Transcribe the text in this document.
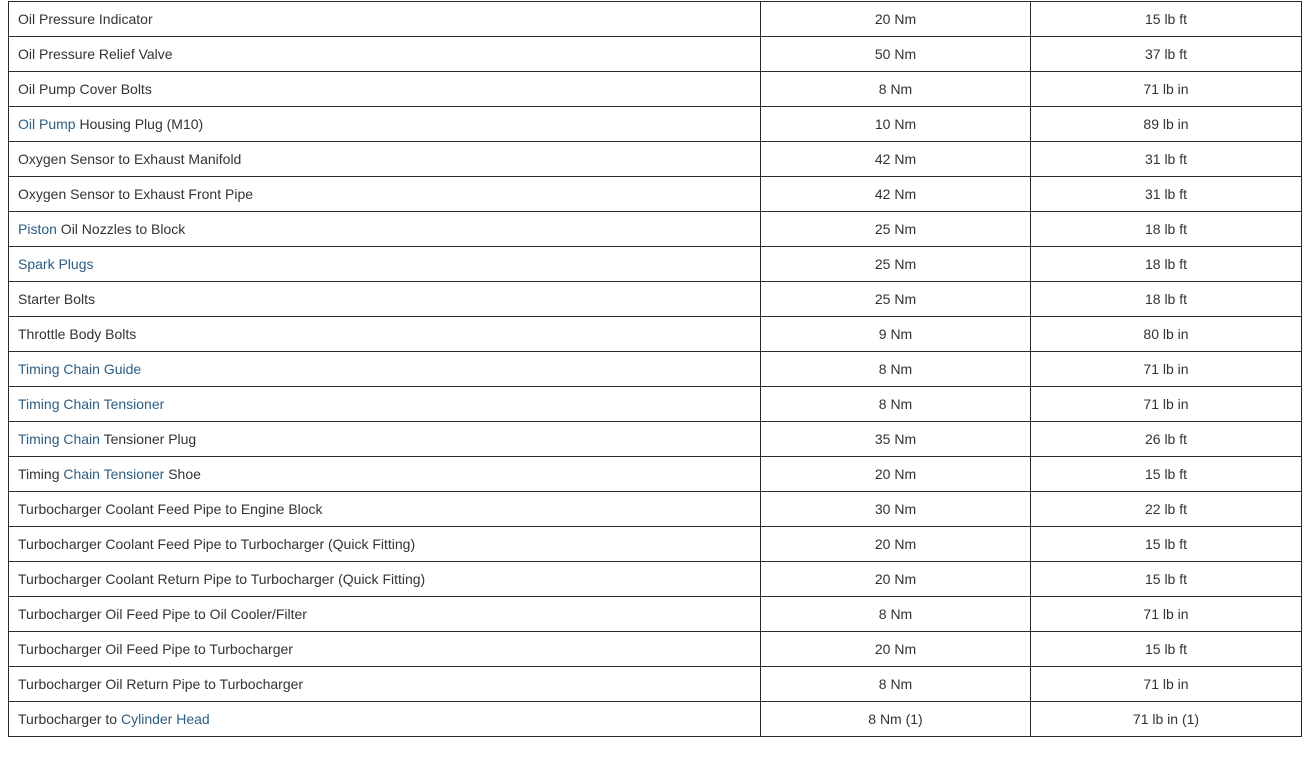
Oil Pressure Indicator	20 Nm	15 lb ft
Oil Pressure Relief Valve	50 Nm	37 lb ft
Oil Pump Cover Bolts	8 Nm	71 lb in
Oil Pump Housing Plug (M10)	10 Nm	89 lb in
Oxygen Sensor to Exhaust Manifold	42 Nm	31 lb ft
Oxygen Sensor to Exhaust Front Pipe	42 Nm	31 lb ft
Piston Oil Nozzles to Block	25 Nm	18 lb ft
Spark Plugs	25 Nm	18 lb ft
Starter Bolts	25 Nm	18 lb ft
Throttle Body Bolts	9 Nm	80 lb in
Timing Chain Guide	8 Nm	71 lb in
Timing Chain Tensioner	8 Nm	71 lb in
Timing Chain Tensioner Plug	35 Nm	26 lb ft
Timing Chain Tensioner Shoe	20 Nm	15 lb ft
Turbocharger Coolant Feed Pipe to Engine Block	30 Nm	22 lb ft
Turbocharger Coolant Feed Pipe to Turbocharger (Quick Fitting)	20 Nm	15 lb ft
Turbocharger Coolant Return Pipe to Turbocharger (Quick Fitting)	20 Nm	15 lb ft
Turbocharger Oil Feed Pipe to Oil Cooler/Filter	8 Nm	71 lb in
Turbocharger Oil Feed Pipe to Turbocharger	20 Nm	15 lb ft
Turbocharger Oil Return Pipe to Turbocharger	8 Nm	71 lb in
Turbocharger to Cylinder Head	8 Nm (1)	71 lb in (1)
